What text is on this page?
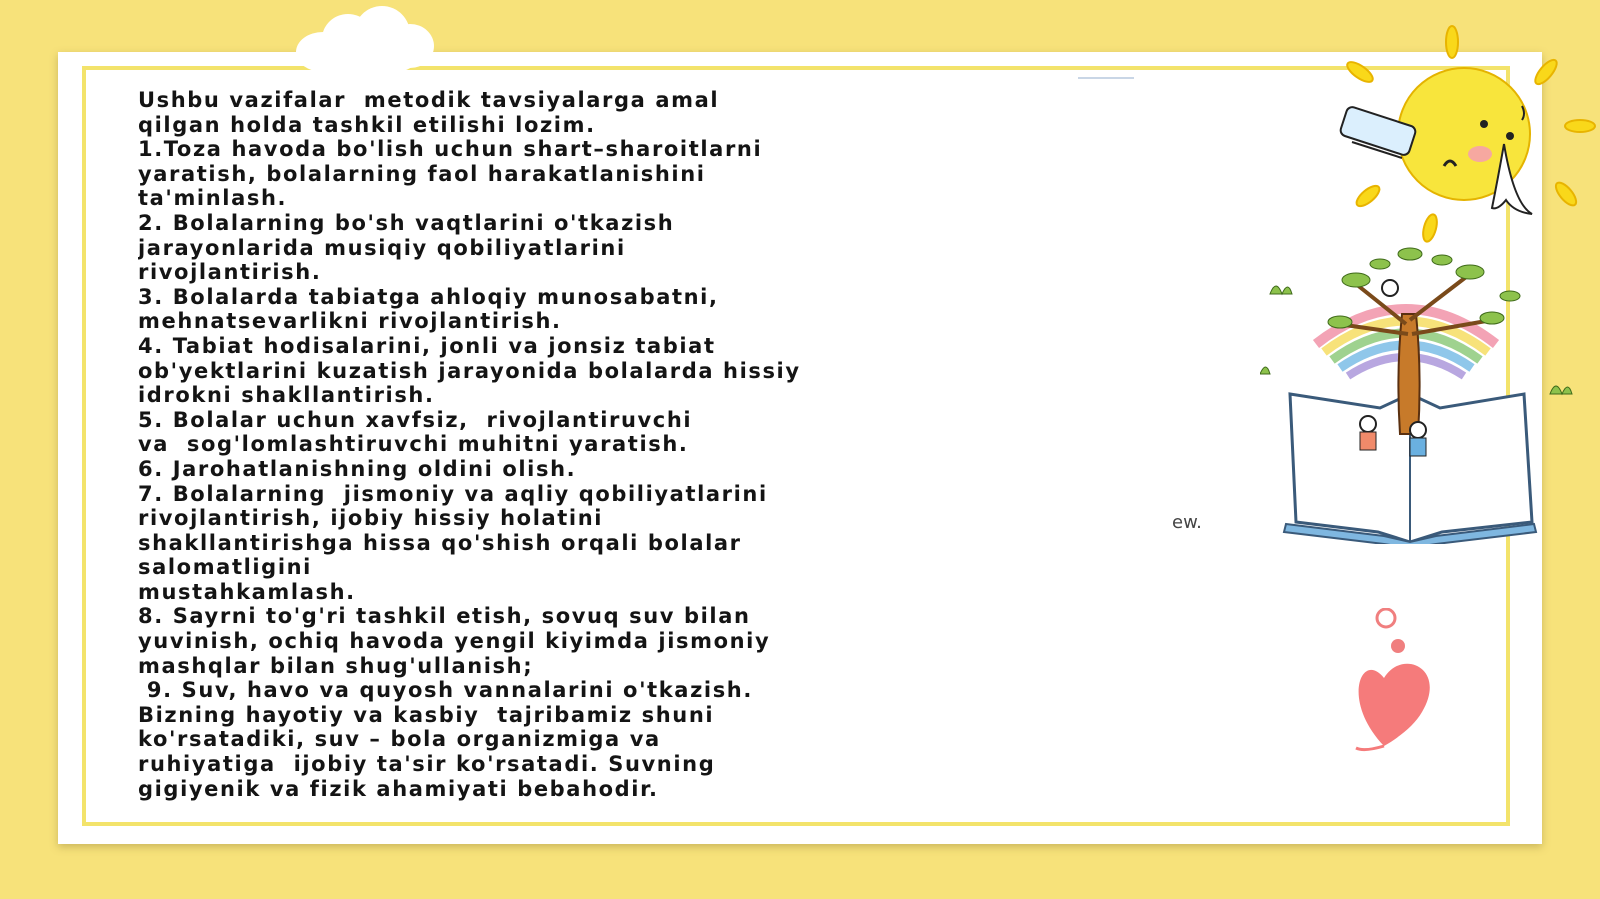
Ushbu vazifalar  metodik tavsiyalarga amal

qilgan holda tashkil etilishi lozim.

1.Toza havoda bo'lish uchun shart–sharoitlarni

yaratish, bolalarning faol harakatlanishini

ta'minlash.

2. Bolalarning bo'sh vaqtlarini o'tkazish

jarayonlarida musiqiy qobiliyatlarini

rivojlantirish.

3. Bolalarda tabiatga ahloqiy munosabatni,

mehnatsevarlikni rivojlantirish.

4. Tabiat hodisalarini, jonli va jonsiz tabiat

ob'yektlarini kuzatish jarayonida bolalarda hissiy

idrokni shakllantirish.

5. Bolalar uchun xavfsiz,  rivojlantiruvchi

va  sog'lomlashtiruvchi muhitni yaratish.

6. Jarohatlanishning oldini olish.

7. Bolalarning  jismoniy va aqliy qobiliyatlarini

rivojlantirish, ijobiy hissiy holatini

shakllantirishga hissa qo'shish orqali bolalar

salomatligini

mustahkamlash.

8. Sayrni to'g'ri tashkil etish, sovuq suv bilan

yuvinish, ochiq havoda yengil kiyimda jismoniy

mashqlar bilan shug'ullanish;

9. Suv, havo va quyosh vannalarini o'tkazish.

Bizning hayotiy va kasbiy  tajribamiz shuni

ko'rsatadiki, suv – bola organizmiga va

ruhiyatiga  ijobiy ta'sir ko'rsatadi. Suvning

gigiyenik va fizik ahamiyati bebahodir.

ew.
